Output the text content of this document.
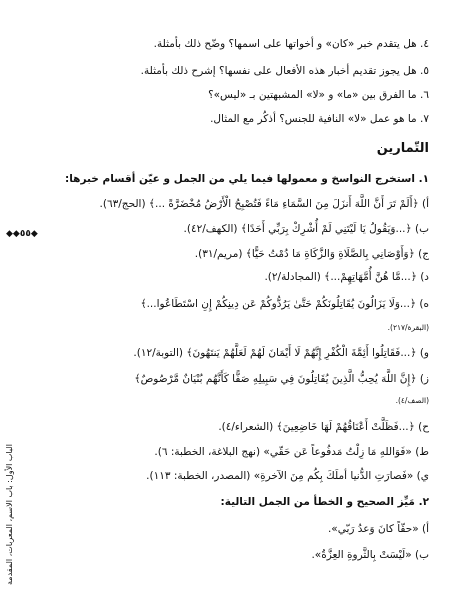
٤. هل يتقدم خبر «كان» و أخواتها على اسمها؟ وضّح ذلك بأمثلة.
٥. هل يجوز تقديم أخبار هذه الأفعال على نفسها؟ إشرح ذلك بأمثلة.
٦. ما الفرق بين «ما» و «لا» المشبهتين بـ «ليس»؟
٧. ما هو عمل «لا» النافية للجنس؟ أذكُر مع المثال.
التّمارين
١. استخرج النواسخ و معمولها فيما يلي من الجمل و عيّن أقسام خبرها:
أ) ﴿أَلَمْ تَرَ أَنَّ اللَّهَ أَنزَلَ مِنَ السَّمَاءِ مَاءً فَتُصْبِحُ الْأَرْضُ مُخْضَرَّةً ...﴾ (الحج/٦٣).
ب) ﴿...وَيَقُولُ يَا لَيْتَنِي لَمْ أُشْرِكْ بِرَبِّي أَحَدًا﴾ (الكهف/٤٢).
ج) ﴿وَأَوْصَانِي بِالصَّلَاةِ وَالزَّكَاةِ مَا دُمْتُ حَيًّا﴾ (مريم/٣١).
د) ﴿...مَّا هُنَّ أُمَّهَاتِهِمْ...﴾ (المجادلة/٢).
ه) ﴿...وَلَا يَزَالُونَ يُقَاتِلُونَكُمْ حَتَّىٰ يَرُدُّوكُمْ عَن دِينِكُمْ إِنِ اسْتَطَاعُوا...﴾
(البقرة/٢١٧).
و) ﴿...فَقَاتِلُوا أَئِمَّةَ الْكُفْرِ إِنَّهُمْ لَا أَيْمَانَ لَهُمْ لَعَلَّهُمْ يَنتَهُونَ﴾ (التوبة/١٢).
ز) ﴿إِنَّ اللَّهَ يُحِبُّ الَّذِينَ يُقَاتِلُونَ فِي سَبِيلِهِ صَفًّا كَأَنَّهُم بُنْيَانٌ مَّرْصُوصٌ﴾
(الصف/٤).
ح) ﴿...فَظَلَّتْ أَعْنَاقُهُمْ لَهَا خَاضِعِينَ﴾ (الشعراء/٤).
ط) «فَوَاللهِ مَا زِلْتُ مَدفُوعاً عَن حَقّي» (نهج البلاغة، الخطبة: ٦).
ي) «فَصارَتِ الدُّنيا أملَكَ بِكُم مِنَ الآخرةِ» (المصدر، الخطبة: ١١٣).
٢. مَيِّز الصحيح و الخطأ من الجمل التالية:
أ) «حقّاً كانَ وَعدُ رَبّي».
ب) «لَيْسَتْ بِالثَّروةِ العِزَّةُ».
◆◆٥٥◆
الباب الأول: باب الاسم، المعربات، المقدمة
